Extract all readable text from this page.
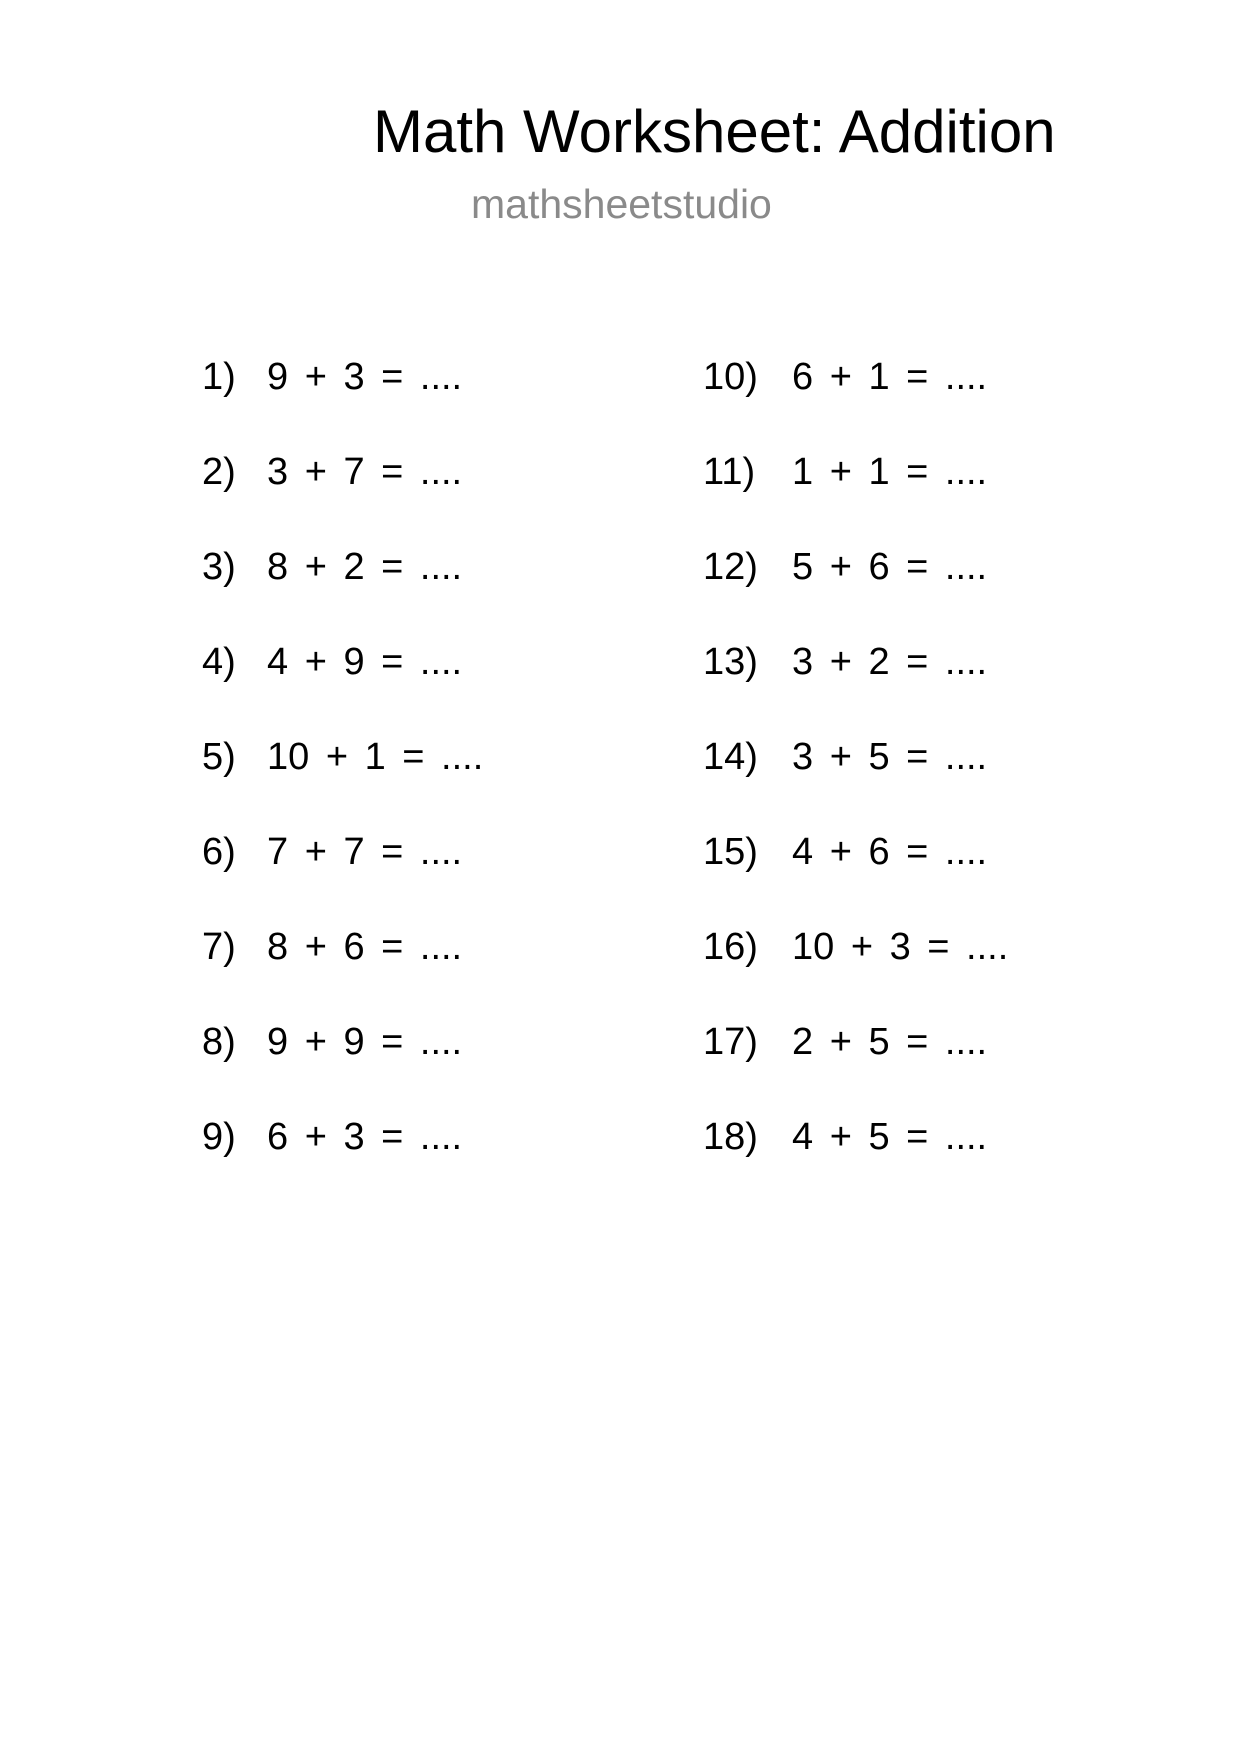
Math Worksheet: Addition
mathsheetstudio
1) 9 + 3 = ....
2) 3 + 7 = ....
3) 8 + 2 = ....
4) 4 + 9 = ....
5) 10 + 1 = ....
6) 7 + 7 = ....
7) 8 + 6 = ....
8) 9 + 9 = ....
9) 6 + 3 = ....
10) 6 + 1 = ....
11) 1 + 1 = ....
12) 5 + 6 = ....
13) 3 + 2 = ....
14) 3 + 5 = ....
15) 4 + 6 = ....
16) 10 + 3 = ....
17) 2 + 5 = ....
18) 4 + 5 = ....
